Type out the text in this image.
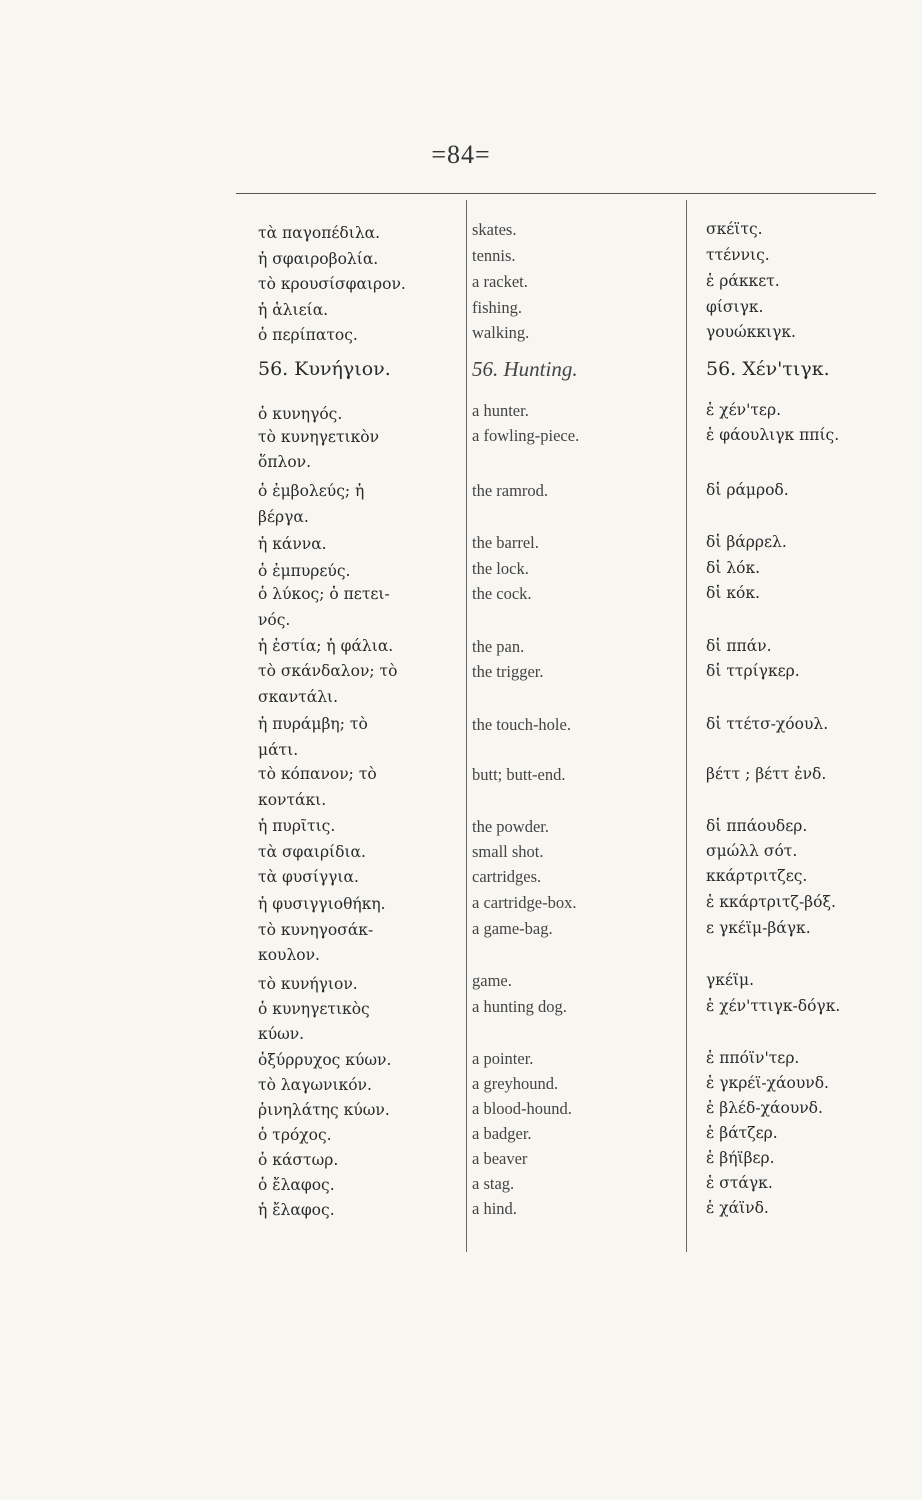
=84=
τὰ παγοπέδιλα.
ἡ σφαιροβολία.
τὸ κρουσίσφαιρον.
ἡ ἁλιεία.
ὁ περίπατος.
56. Κυνήγιον.
ὁ κυνηγός.
τὸ κυνηγετικὸν
ὅπλον.
ὁ ἐμβολεύς; ἡ
βέργα.
ἡ κάννα.
ὁ ἐμπυρεύς.
ὁ λύκος; ὁ πετει-
νός.
ἡ ἑστία; ἡ φάλια.
τὸ σκάνδαλον; τὸ
σκαντάλι.
ἡ πυράμβη; τὸ
μάτι.
τὸ κόπανον; τὸ
κοντάκι.
ἡ πυρῖτις.
τὰ σφαιρίδια.
τὰ φυσίγγια.
ἡ φυσιγγιοθήκη.
τὸ κυνηγοσάκ-
κουλον.
τὸ κυνήγιον.
ὁ κυνηγετικὸς
κύων.
ὀξύρρυχος κύων.
τὸ λαγωνικόν.
ῥινηλάτης κύων.
ὁ τρόχος.
ὁ κάστωρ.
ὁ ἔλαφος.
ἡ ἔλαφος.
skates.
tennis.
a racket.
fishing.
walking.
56. Hunting.
a hunter.
a fowling-piece.
the ramrod.
the barrel.
the lock.
the cock.
the pan.
the trigger.
the touch-hole.
butt; butt-end.
the powder.
small shot.
cartridges.
a cartridge-box.
a game-bag.
game.
a hunting dog.
a pointer.
a greyhound.
a blood-hound.
a badger.
a beaver
a stag.
a hind.
σκέϊτς.
ττέννις.
ἑ ράκκετ.
φίσιγκ.
γουώκκιγκ.
56. Χέν'τιγκ.
ἑ χέν'τερ.
ἑ φάουλιγκ ππίς.
δἱ ράμροδ.
δἱ βάρρελ.
δἱ λόκ.
δἱ κόκ.
δἱ ππάν.
δἱ ττρίγκερ.
δἱ ττέτσ-χόουλ.
βέττ ; βέττ ἐνδ.
δἱ ππάουδερ.
σμώλλ σότ.
κκάρτριτζες.
ἑ κκάρτριτζ-βόξ.
ε γκέϊμ-βάγκ.
γκέϊμ.
ἑ χέν'ττιγκ-δόγκ.
ἑ ππόϊν'τερ.
ἑ γκρέϊ-χάουνδ.
ἑ βλέδ-χάουνδ.
ἑ βάτζερ.
ἑ βήϊβερ.
ἑ στάγκ.
ἑ χάϊνδ.
